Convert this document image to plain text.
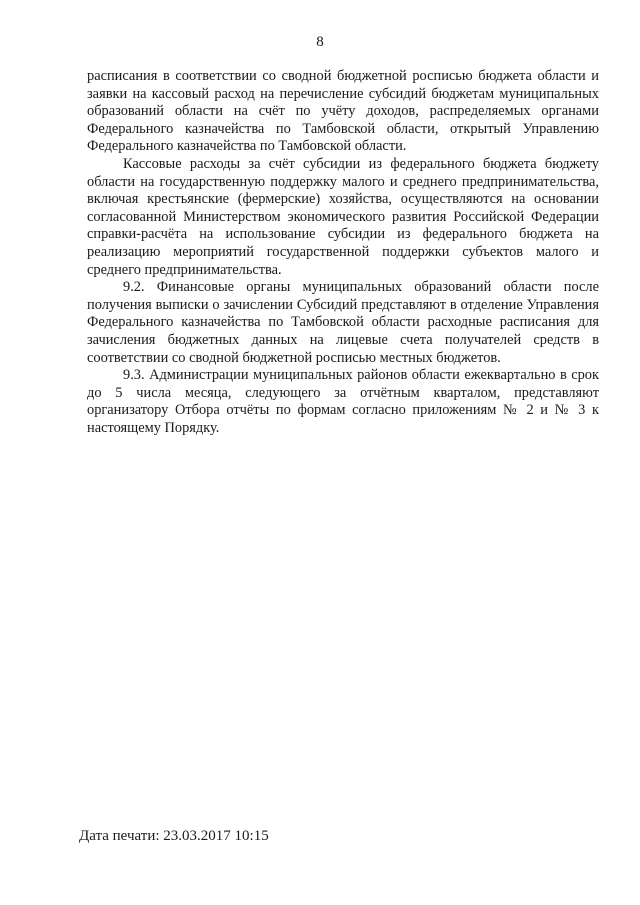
8

расписания в соответствии со сводной бюджетной росписью бюджета области и заявки на кассовый расход на перечисление субсидий бюджетам муниципальных образований области на счёт по учёту доходов, распределяемых органами Федерального казначейства по Тамбовской области, открытый Управлению Федерального казначейства по Тамбовской области.

Кассовые расходы за счёт субсидии из федерального бюджета бюджету области на государственную поддержку малого и среднего предпринимательства, включая крестьянские (фермерские) хозяйства, осуществляются на основании согласованной Министерством экономического развития Российской Федерации справки-расчёта на использование субсидии из федерального бюджета на реализацию мероприятий государственной поддержки субъектов малого и среднего предпринимательства.

9.2. Финансовые органы муниципальных образований области после получения выписки о зачислении Субсидий представляют в отделение Управления Федерального казначейства по Тамбовской области расходные расписания для зачисления бюджетных данных на лицевые счета получателей средств в соответствии со сводной бюджетной росписью местных бюджетов.

9.3. Администрации муниципальных районов области ежеквартально в срок до 5 числа месяца, следующего за отчётным кварталом, представляют организатору Отбора отчёты по формам согласно приложениям № 2 и № 3 к настоящему Порядку.

Дата печати: 23.03.2017 10:15
